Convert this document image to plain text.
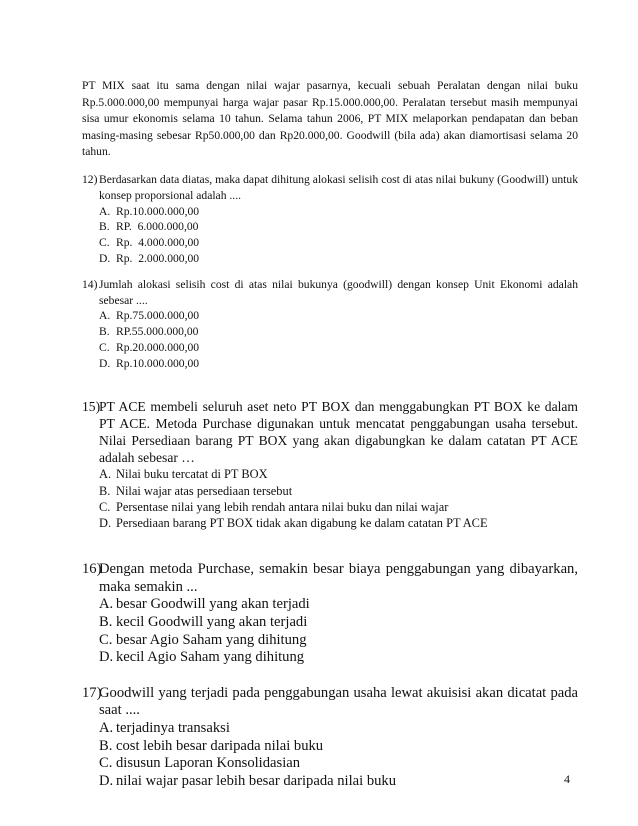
PT MIX saat itu sama dengan nilai wajar pasarnya, kecuali sebuah Peralatan dengan nilai buku Rp.5.000.000,00 mempunyai harga wajar pasar Rp.15.000.000,00. Peralatan tersebut masih mempunyai sisa umur ekonomis selama 10 tahun. Selama tahun 2006, PT MIX melaporkan pendapatan dan beban masing-masing sebesar Rp50.000,00 dan Rp20.000,00. Goodwill (bila ada) akan diamortisasi selama 20 tahun.

12) Berdasarkan data diatas, maka dapat dihitung alokasi selisih cost di atas nilai bukuny (Goodwill) untuk konsep proporsional adalah ....

A. Rp.10.000.000,00
B. RP.  6.000.000,00
C. Rp.  4.000.000,00
D. Rp.  2.000.000,00
14) Jumlah alokasi selisih cost di atas nilai bukunya (goodwill) dengan konsep Unit Ekonomi adalah sebesar ....

A. Rp.75.000.000,00
B. RP.55.000.000,00
C. Rp.20.000.000,00
D. Rp.10.000.000,00
15)

PT ACE membeli seluruh aset neto PT BOX dan menggabungkan PT BOX ke dalam PT ACE. Metoda Purchase digunakan untuk mencatat penggabungan usaha tersebut. Nilai Persediaan barang PT BOX yang akan digabungkan ke dalam catatan PT ACE adalah sebesar …

A. Nilai buku tercatat di PT BOX
B. Nilai wajar atas persediaan tersebut
C. Persentase nilai yang lebih rendah antara nilai buku dan nilai wajar
D. Persediaan barang PT BOX tidak akan digabung ke dalam catatan PT ACE
16)

Dengan metoda Purchase, semakin besar biaya penggabungan yang dibayarkan, maka semakin ...

A. besar Goodwill yang akan terjadi
B. kecil Goodwill yang akan terjadi
C. besar Agio Saham yang dihitung
D. kecil Agio Saham yang dihitung
17)

Goodwill yang terjadi pada penggabungan usaha lewat akuisisi akan dicatat pada saat ....

A. terjadinya transaksi
B. cost lebih besar daripada nilai buku
C. disusun Laporan Konsolidasian
D. nilai wajar pasar lebih besar daripada nilai buku	4
